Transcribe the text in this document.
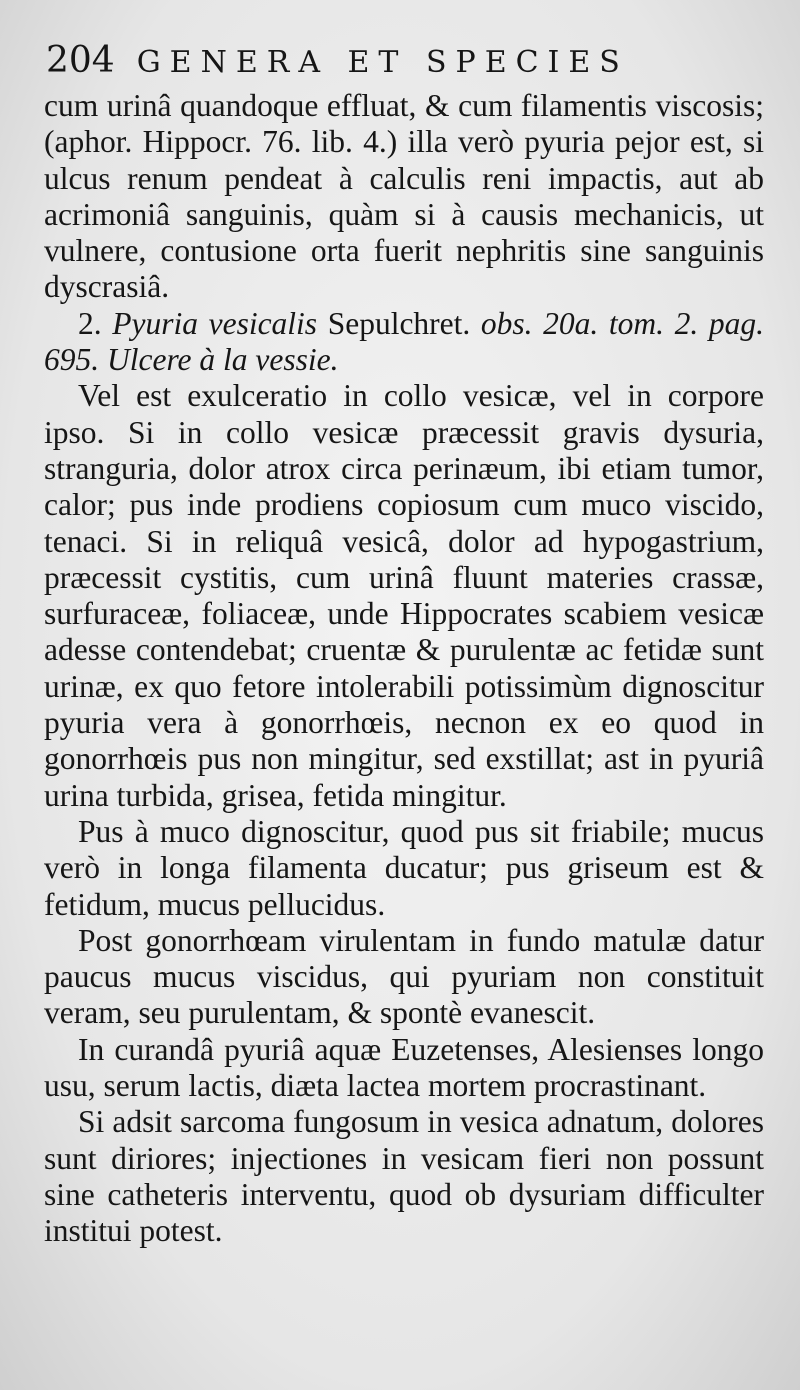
204 GENERA ET SPECIES

cum urinâ quandoque effluat, & cum filamentis viscosis; (aphor. Hippocr. 76. lib. 4.) illa verò pyuria pejor est, si ulcus renum pendeat à calculis reni impactis, aut ab acrimoniâ sanguinis, quàm si à causis mechanicis, ut vulnere, contusione orta fuerit nephritis sine sanguinis dyscrasiâ.

2. Pyuria vesicalis Sepulchret. obs. 20a. tom. 2. pag. 695. Ulcere à la vessie.

Vel est exulceratio in collo vesicæ, vel in corpore ipso. Si in collo vesicæ præcessit gravis dysuria, stranguria, dolor atrox circa perinæum, ibi etiam tumor, calor; pus inde prodiens copiosum cum muco viscido, tenaci. Si in reliquâ vesicâ, dolor ad hypogastrium, præcessit cystitis, cum urinâ fluunt materies crassæ, surfuraceæ, foliaceæ, unde Hippocrates scabiem vesicæ adesse contendebat; cruentæ & purulentæ ac fetidæ sunt urinæ, ex quo fetore intolerabili potissimùm dignoscitur pyuria vera à gonorrhœis, necnon ex eo quod in gonorrhœis pus non mingitur, sed exstillat; ast in pyuriâ urina turbida, grisea, fetida mingitur.

Pus à muco dignoscitur, quod pus sit friabile; mucus verò in longa filamenta ducatur; pus griseum est & fetidum, mucus pellucidus.

Post gonorrhœam virulentam in fundo matulæ datur paucus mucus viscidus, qui pyuriam non constituit veram, seu purulentam, & spontè evanescit.

In curandâ pyuriâ aquæ Euzetenses, Alesienses longo usu, serum lactis, diæta lactea mortem procrastinant.

Si adsit sarcoma fungosum in vesica adnatum, dolores sunt diriores; injectiones in vesicam fieri non possunt sine catheteris interventu, quod ob dysuriam difficulter institui potest.
